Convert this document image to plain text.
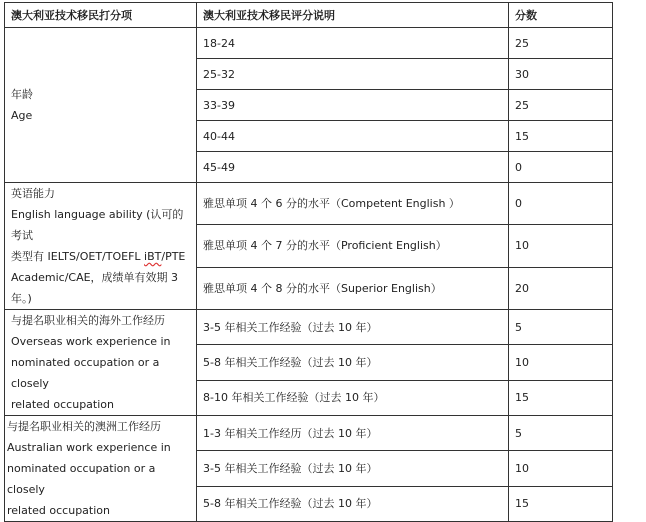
澳大利亚技术移民打分项	澳大利亚技术移民评分说明	分数

年龄
Age	18-24	25
	25-32	30
	33-39	25
	40-44	15
	45-49	0

英语能力
English language ability (认可的考试
类型有 IELTS/OET/TOEFL iBT/PTE
Academic/CAE，成绩单有效期 3 年。)	雅思单项 4 个 6 分的水平（Competent English ）	0
	雅思单项 4 个 7 分的水平（Proficient English）	10
	雅思单项 4 个 8 分的水平（Superior English）	20

与提名职业相关的海外工作经历
Overseas work experience in
nominated occupation or a closely
related occupation	3-5 年相关工作经验（过去 10 年）	5
	5-8 年相关工作经验（过去 10 年）	10
	8-10 年相关工作经验（过去 10 年）	15

与提名职业相关的澳洲工作经历
Australian work experience in
nominated occupation or a closely
related occupation	1-3 年相关工作经历（过去 10 年）	5
	3-5 年相关工作经验（过去 10 年）	10
	5-8 年相关工作经验（过去 10 年）	15
